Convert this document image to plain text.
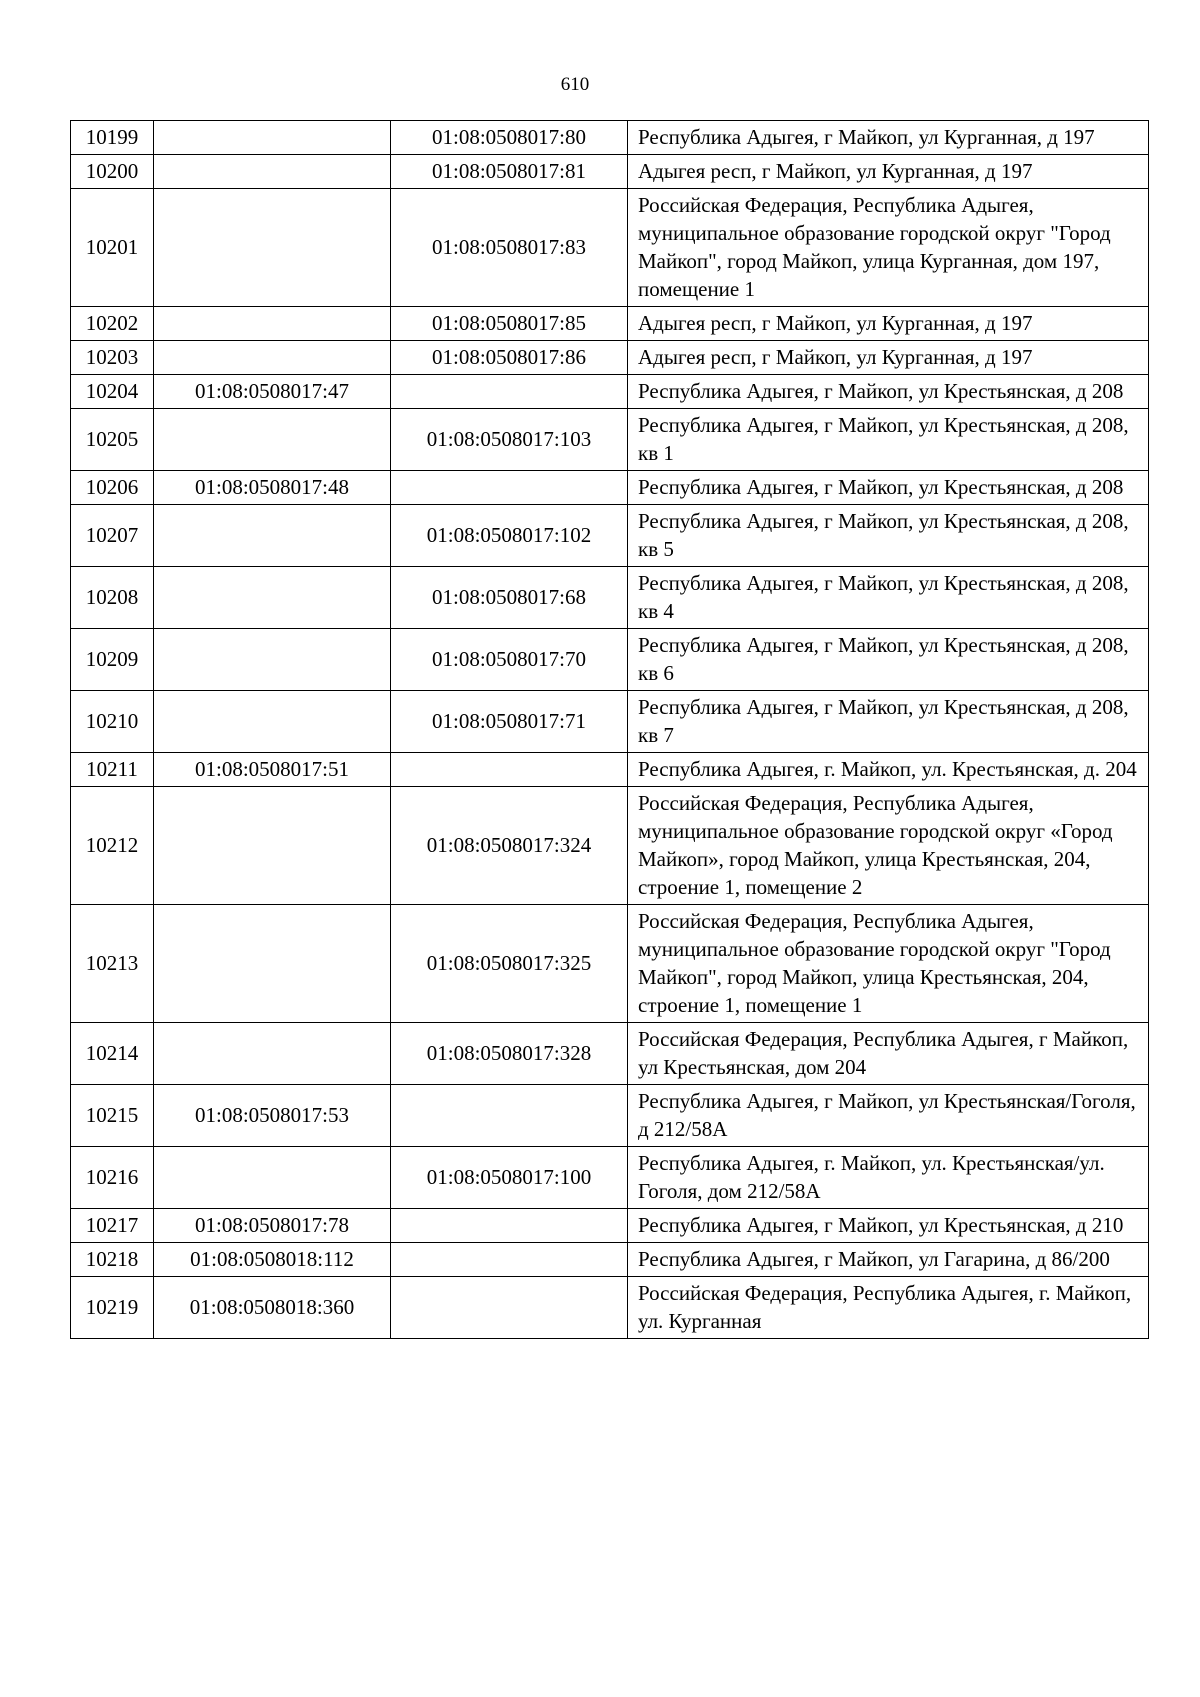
610
10199		01:08:0508017:80	Республика Адыгея, г Майкоп, ул Курганная, д 197
10200		01:08:0508017:81	Адыгея респ, г Майкоп, ул Курганная, д 197
10201		01:08:0508017:83	Российская Федерация, Республика Адыгея, муниципальное образование городской округ "Город Майкоп", город Майкоп, улица Курганная, дом 197, помещение 1
10202		01:08:0508017:85	Адыгея респ, г Майкоп, ул Курганная, д 197
10203		01:08:0508017:86	Адыгея респ, г Майкоп, ул Курганная, д 197
10204	01:08:0508017:47		Республика Адыгея, г Майкоп, ул Крестьянская, д 208
10205		01:08:0508017:103	Республика Адыгея, г Майкоп, ул Крестьянская, д 208, кв 1
10206	01:08:0508017:48		Республика Адыгея, г Майкоп, ул Крестьянская, д 208
10207		01:08:0508017:102	Республика Адыгея, г Майкоп, ул Крестьянская, д 208, кв 5
10208		01:08:0508017:68	Республика Адыгея, г Майкоп, ул Крестьянская, д 208, кв 4
10209		01:08:0508017:70	Республика Адыгея, г Майкоп, ул Крестьянская, д 208, кв 6
10210		01:08:0508017:71	Республика Адыгея, г Майкоп, ул Крестьянская, д 208, кв 7
10211	01:08:0508017:51		Республика Адыгея, г. Майкоп, ул. Крестьянская, д. 204
10212		01:08:0508017:324	Российская Федерация, Республика Адыгея, муниципальное образование городской округ «Город Майкоп», город Майкоп, улица Крестьянская, 204, строение 1, помещение 2
10213		01:08:0508017:325	Российская Федерация, Республика Адыгея, муниципальное образование городской округ "Город Майкоп", город Майкоп, улица Крестьянская, 204, строение 1, помещение 1
10214		01:08:0508017:328	Российская Федерация, Республика Адыгея, г Майкоп, ул Крестьянская, дом 204
10215	01:08:0508017:53		Республика Адыгея, г Майкоп, ул Крестьянская/Гоголя, д 212/58А
10216		01:08:0508017:100	Республика Адыгея, г. Майкоп, ул. Крестьянская/ул. Гоголя, дом 212/58А
10217	01:08:0508017:78		Республика Адыгея, г Майкоп, ул Крестьянская, д 210
10218	01:08:0508018:112		Республика Адыгея, г Майкоп, ул Гагарина, д 86/200
10219	01:08:0508018:360		Российская Федерация, Республика Адыгея, г. Майкоп, ул. Курганная
